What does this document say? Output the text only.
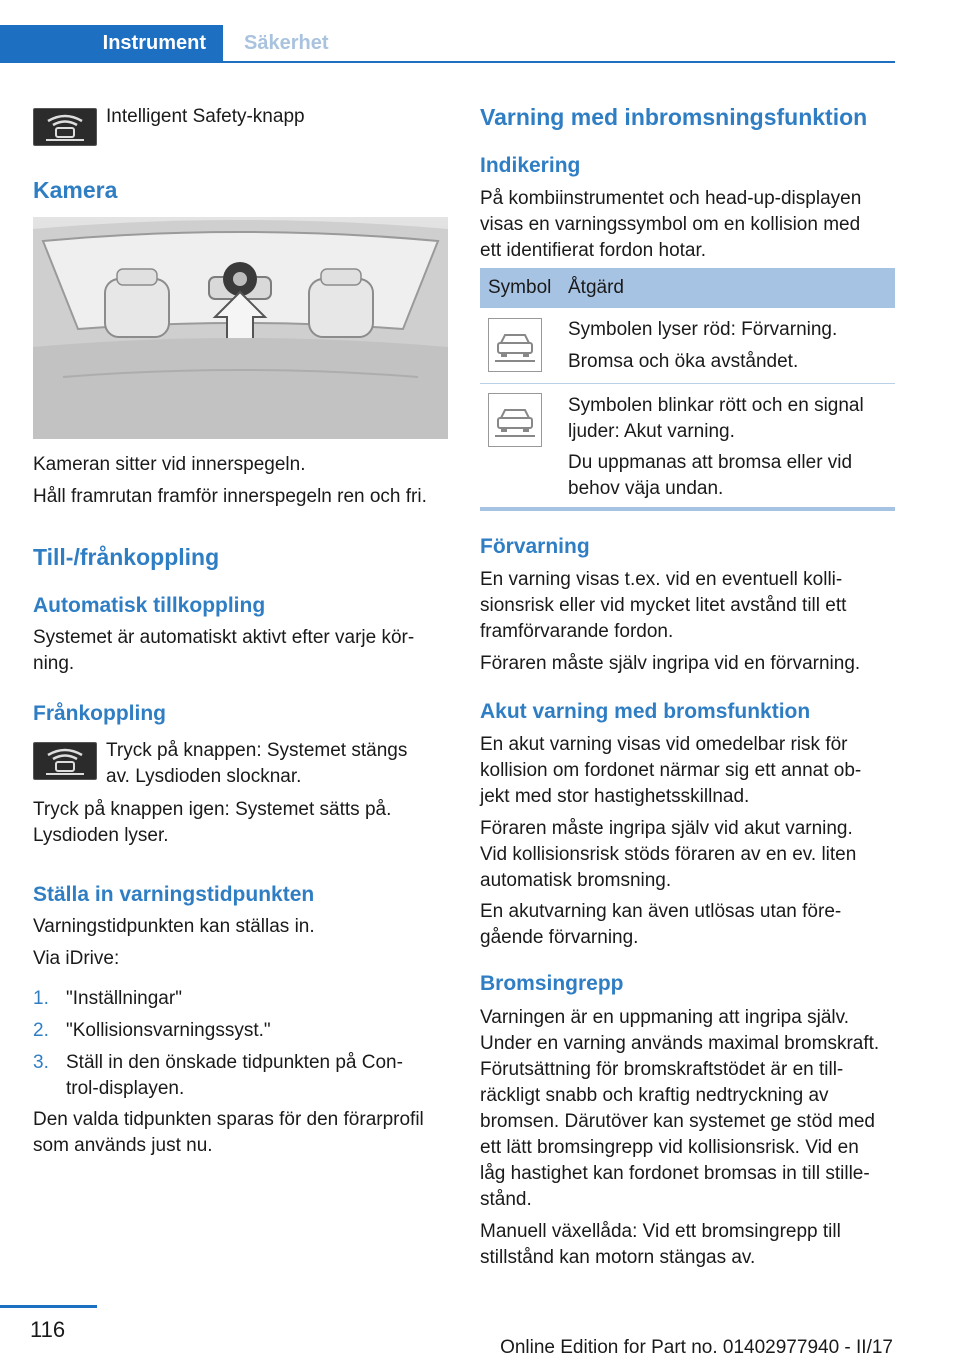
Instrument	Säkerhet
Intelligent Safety-knapp
Kamera
Kameran sitter vid innerspegeln.
Håll framrutan framför innerspegeln ren och fri.
Till-/frånkoppling
Automatisk tillkoppling
Systemet är automatiskt aktivt efter varje kör‐
ning.
Frånkoppling
Tryck på knappen: Systemet stängs
av. Lysdioden slocknar.
Tryck på knappen igen: Systemet sätts på.
Lysdioden lyser.
Ställa in varningstidpunkten
Varningstidpunkten kan ställas in.
Via iDrive:
1. "Inställningar"
2. "Kollisionsvarningssyst."
3. Ställ in den önskade tidpunkten på Con‐
trol-displayen.
Den valda tidpunkten sparas för den förarprofil
som används just nu.
Varning med inbromsningsfunktion
Indikering
På kombiinstrumentet och head-up-displayen
visas en varningssymbol om en kollision med
ett identifierat fordon hotar.
Symbol Åtgärd
Symbolen lyser röd: Förvarning.
Bromsa och öka avståndet.
Symbolen blinkar rött och en signal
ljuder: Akut varning.
Du uppmanas att bromsa eller vid
behov väja undan.
Förvarning
En varning visas t.ex. vid en eventuell kolli‐
sionsrisk eller vid mycket litet avstånd till ett
framförvarande fordon.
Föraren måste själv ingripa vid en förvarning.
Akut varning med bromsfunktion
En akut varning visas vid omedelbar risk för
kollision om fordonet närmar sig ett annat ob‐
jekt med stor hastighetsskillnad.
Föraren måste ingripa själv vid akut varning.
Vid kollisionsrisk stöds föraren av en ev. liten
automatisk bromsning.
En akutvarning kan även utlösas utan före‐
gående förvarning.
Bromsingrepp
Varningen är en uppmaning att ingripa själv.
Under en varning används maximal bromskraft.
Förutsättning för bromskraftstödet är en till‐
räckligt snabb och kraftig nedtryckning av
bromsen. Därutöver kan systemet ge stöd med
ett lätt bromsingrepp vid kollisionsrisk. Vid en
låg hastighet kan fordonet bromsas in till stille‐
stånd.
Manuell växellåda: Vid ett bromsingrepp till
stillstånd kan motorn stängas av.
116
Online Edition for Part no. 01402977940 - II/17
